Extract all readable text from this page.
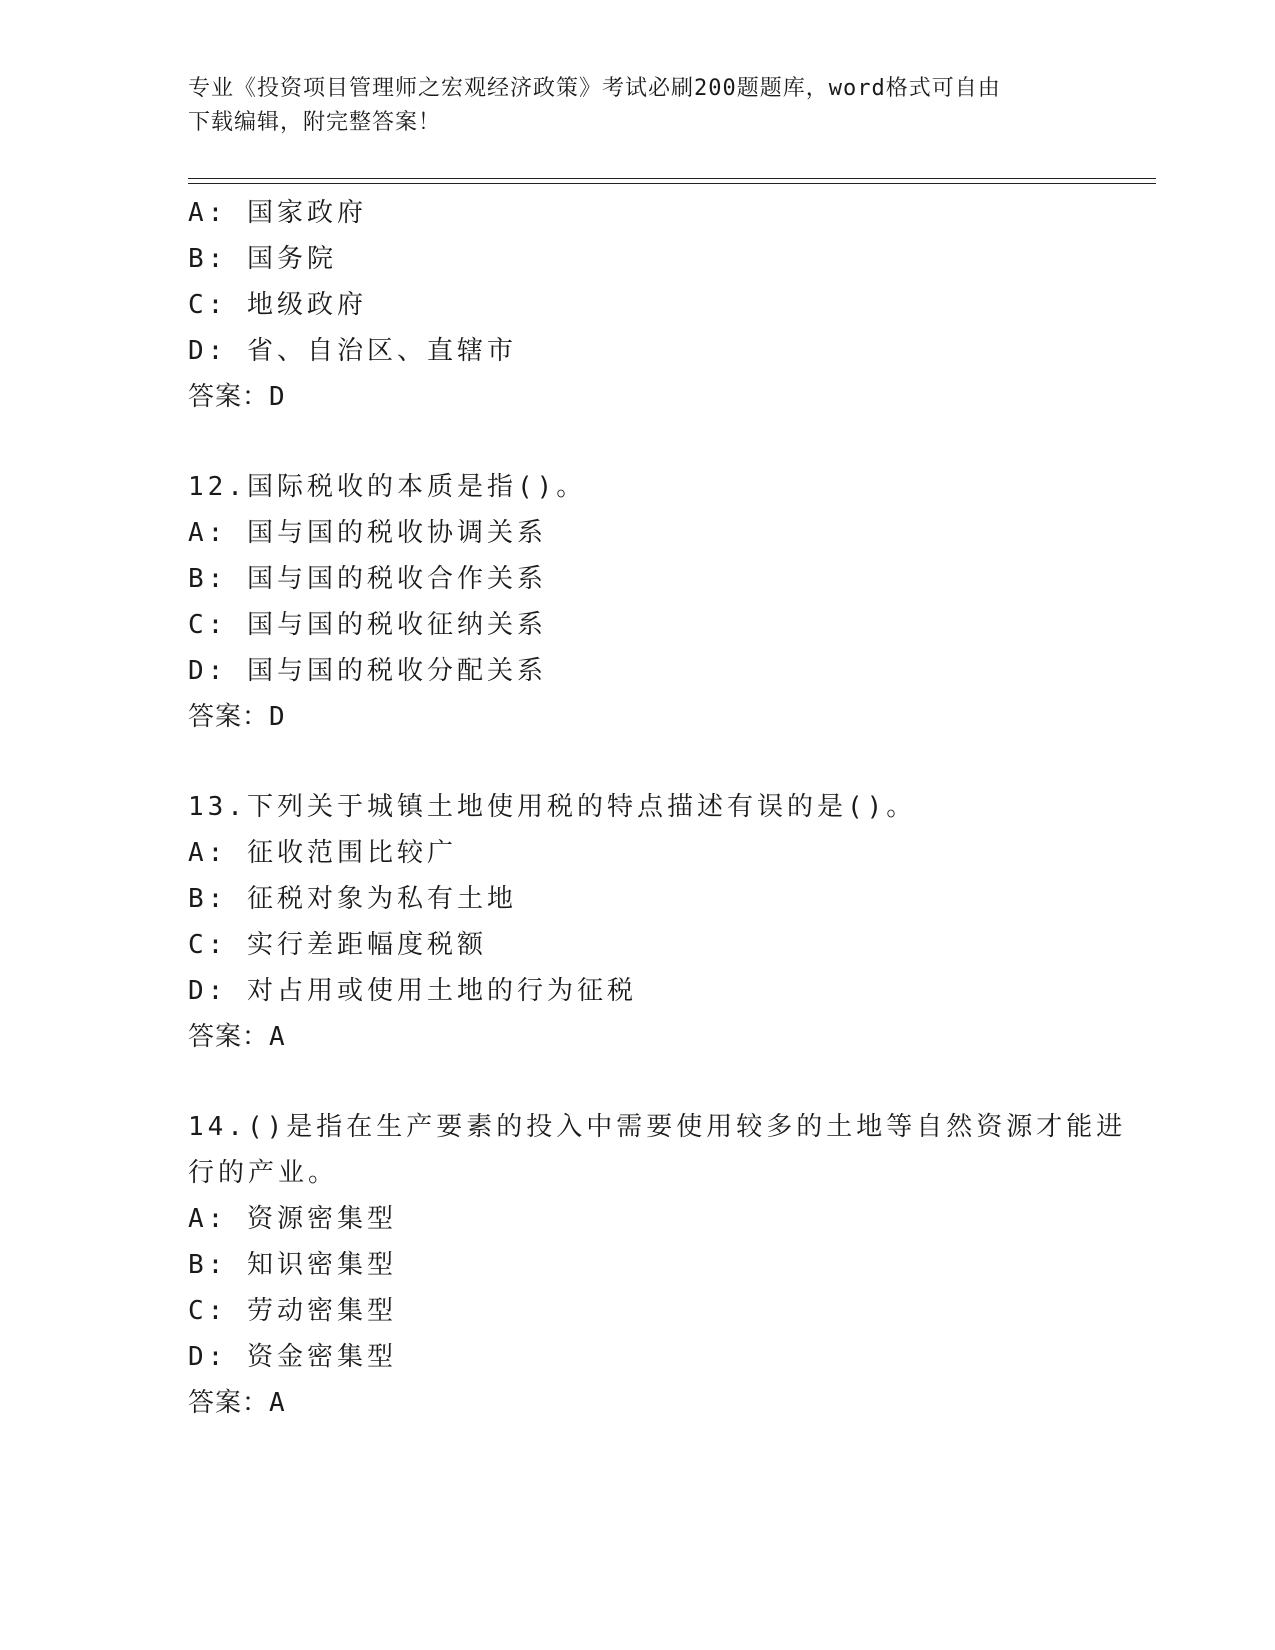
专业《投资项目管理师之宏观经济政策》考试必刷200题题库，word格式可自由
下载编辑，附完整答案！
A: 国家政府
B: 国务院
C: 地级政府
D: 省、自治区、直辖市
答案：D
12.国际税收的本质是指()。
A: 国与国的税收协调关系
B: 国与国的税收合作关系
C: 国与国的税收征纳关系
D: 国与国的税收分配关系
答案：D
13.下列关于城镇土地使用税的特点描述有误的是()。
A: 征收范围比较广
B: 征税对象为私有土地
C: 实行差距幅度税额
D: 对占用或使用土地的行为征税
答案：A
14.()是指在生产要素的投入中需要使用较多的土地等自然资源才能进
行的产业。
A: 资源密集型
B: 知识密集型
C: 劳动密集型
D: 资金密集型
答案：A
